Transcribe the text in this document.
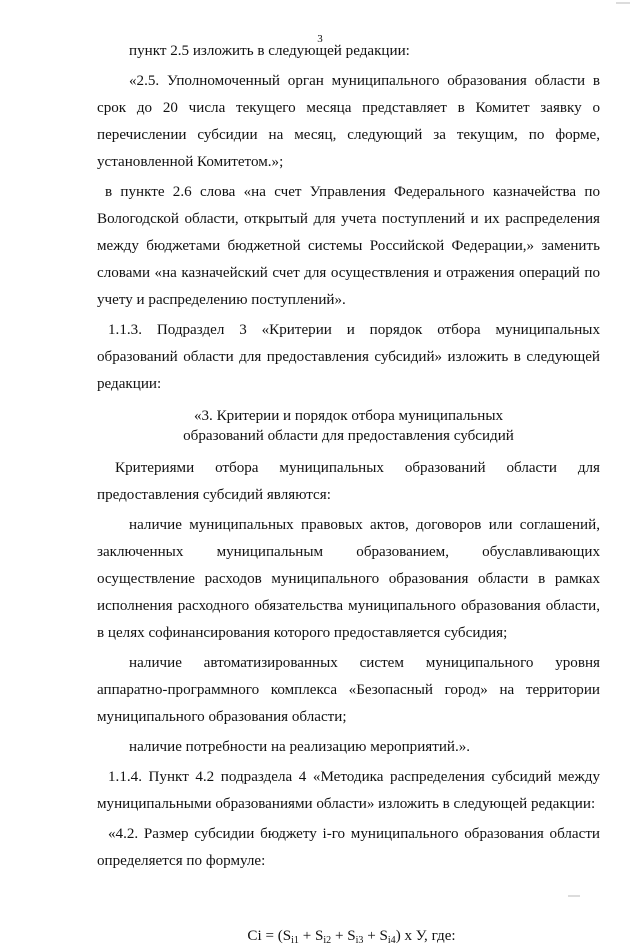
3

пункт 2.5 изложить в следующей редакции:

«2.5. Уполномоченный орган муниципального образования области в срок до 20 числа текущего месяца представляет в Комитет заявку о перечислении субсидии на месяц, следующий за текущим, по форме, установленной Комитетом.»;

в пункте 2.6 слова «на счет Управления Федерального казначейства по Вологодской области, открытый для учета поступлений и их распределения между бюджетами бюджетной системы Российской Федерации,» заменить словами «на казначейский счет для осуществления и отражения операций по учету и распределению поступлений».

1.1.3. Подраздел 3 «Критерии и порядок отбора муниципальных образований области для предоставления субсидий» изложить в следующей редакции:

«3. Критерии и порядок отбора муниципальных
образований области для предоставления субсидий

Критериями отбора муниципальных образований области для предоставления субсидий являются:

наличие муниципальных правовых актов, договоров или соглашений, заключенных муниципальным образованием, обуславливающих осуществление расходов муниципального образования области в рамках исполнения расходного обязательства муниципального образования области, в целях софинансирования которого предоставляется субсидия;

наличие автоматизированных систем муниципального уровня аппаратно-программного комплекса «Безопасный город» на территории муниципального образования области;

наличие потребности на реализацию мероприятий.».

1.1.4. Пункт 4.2 подраздела 4 «Методика распределения субсидий между муниципальными образованиями области» изложить в следующей редакции:

«4.2. Размер субсидии бюджету i-го муниципального образования области определяется по формуле:

$Ci = (S_{i1} + S_{i2} + S_{i3} + S_{i4})$ х У, где:
